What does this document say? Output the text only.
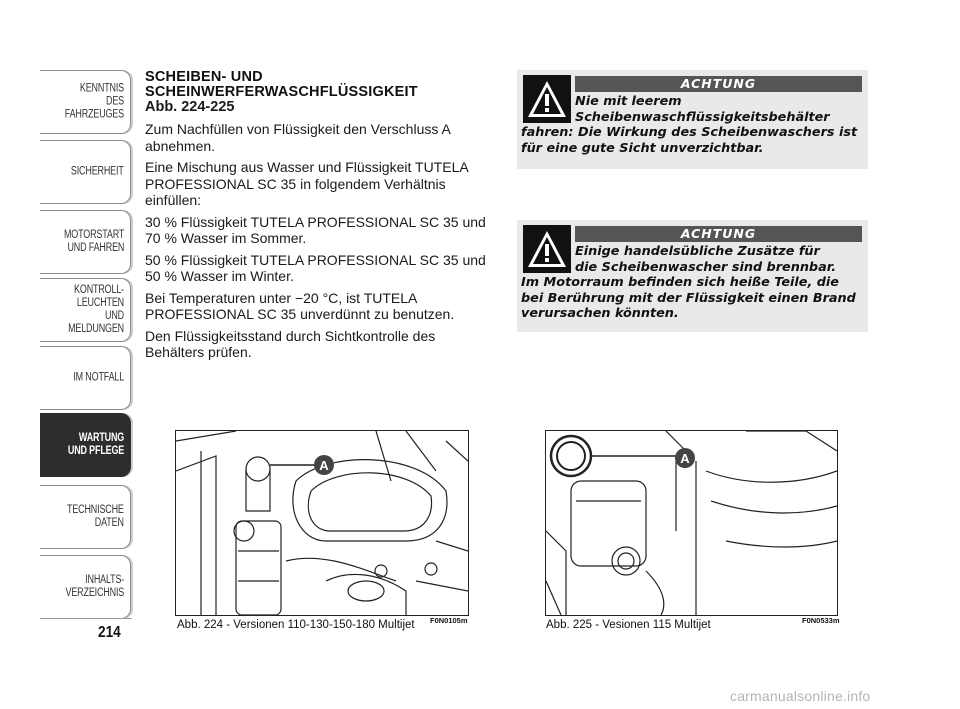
KENNTNIS
DES FAHRZEUGES
SICHERHEIT
MOTORSTART
UND FAHREN
KONTROLL-
LEUCHTEN
UND MELDUNGEN
IM NOTFALL
WARTUNG
UND PFLEGE
TECHNISCHE
DATEN
INHALTS-
VERZEICHNIS
214
SCHEIBEN- UND
SCHEINWERFERWASCHFLÜSSIGKEIT
Abb. 224-225

Zum Nachfüllen von Flüssigkeit den Verschluss A abnehmen.

Eine Mischung aus Wasser und Flüssigkeit TUTELA PROFESSIONAL SC 35 in folgendem Verhältnis einfüllen:

30 % Flüssigkeit TUTELA PROFESSIONAL SC 35 und 70 % Wasser im Sommer.

50 % Flüssigkeit TUTELA PROFESSIONAL SC 35 und 50 % Wasser im Winter.

Bei Temperaturen unter −20 °C, ist TUTELA PROFESSIONAL SC 35 unverdünnt zu benutzen.

Den Flüssigkeitsstand durch Sichtkontrolle des Behälters prüfen.

ACHTUNG
Nie mit leerem
Scheibenwaschflüssigkeitsbehälter
fahren: Die Wirkung des Scheibenwaschers ist für eine gute Sicht unverzichtbar.
ACHTUNG
Einige handelsübliche Zusätze für
die Scheibenwascher sind brennbar.
Im Motorraum befinden sich heiße Teile, die bei Berührung mit der Flüssigkeit einen Brand verursachen könnten.
A
Abb. 224 - Versionen 110-130-150-180 Multijet F0N0105m
A
Abb. 225 - Vesionen 115 Multijet	F0N0533m
carmanualsonline.info
